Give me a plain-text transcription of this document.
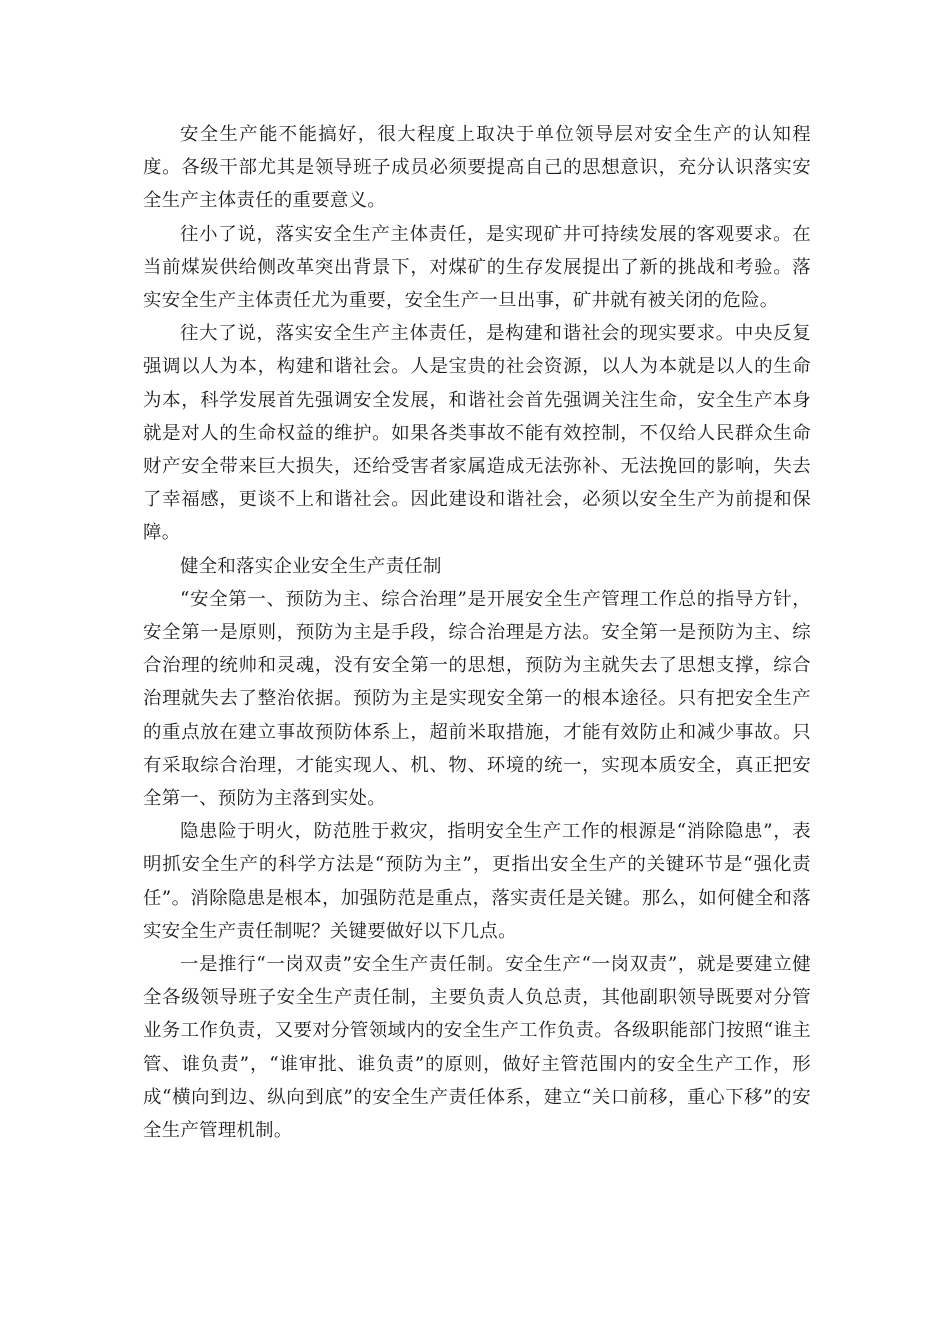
安全生产能不能搞好，很大程度上取决于单位领导层对安全生产的认知程度。各级干部尤其是领导班子成员必须要提高自己的思想意识，充分认识落实安全生产主体责任的重要意义。

往小了说，落实安全生产主体责任，是实现矿井可持续发展的客观要求。在当前煤炭供给侧改革突出背景下，对煤矿的生存发展提出了新的挑战和考验。落实安全生产主体责任尤为重要，安全生产一旦出事，矿井就有被关闭的危险。

往大了说，落实安全生产主体责任，是构建和谐社会的现实要求。中央反复强调以人为本，构建和谐社会。人是宝贵的社会资源，以人为本就是以人的生命为本，科学发展首先强调安全发展，和谐社会首先强调关注生命，安全生产本身就是对人的生命权益的维护。如果各类事故不能有效控制，不仅给人民群众生命财产安全带来巨大损失，还给受害者家属造成无法弥补、无法挽回的影响，失去了幸福感，更谈不上和谐社会。因此建设和谐社会，必须以安全生产为前提和保障。

健全和落实企业安全生产责任制

“安全第一、预防为主、综合治理”是开展安全生产管理工作总的指导方针，安全第一是原则，预防为主是手段，综合治理是方法。安全第一是预防为主、综合治理的统帅和灵魂，没有安全第一的思想，预防为主就失去了思想支撑，综合治理就失去了整治依据。预防为主是实现安全第一的根本途径。只有把安全生产的重点放在建立事故预防体系上，超前米取措施，才能有效防止和减少事故。只有采取综合治理，才能实现人、机、物、环境的统一，实现本质安全，真正把安全第一、预防为主落到实处。

隐患险于明火，防范胜于救灾，指明安全生产工作的根源是“消除隐患”，表明抓安全生产的科学方法是“预防为主”，更指出安全生产的关键环节是“强化责任”。消除隐患是根本，加强防范是重点，落实责任是关键。那么，如何健全和落实安全生产责任制呢？关键要做好以下几点。

一是推行“一岗双责”安全生产责任制。安全生产“一岗双责”，就是要建立健全各级领导班子安全生产责任制，主要负责人负总责，其他副职领导既要对分管业务工作负责，又要对分管领域内的安全生产工作负责。各级职能部门按照“谁主管、谁负责”，“谁审批、谁负责”的原则，做好主管范围内的安全生产工作，形成“横向到边、纵向到底”的安全生产责任体系，建立“关口前移，重心下移”的安全生产管理机制。
